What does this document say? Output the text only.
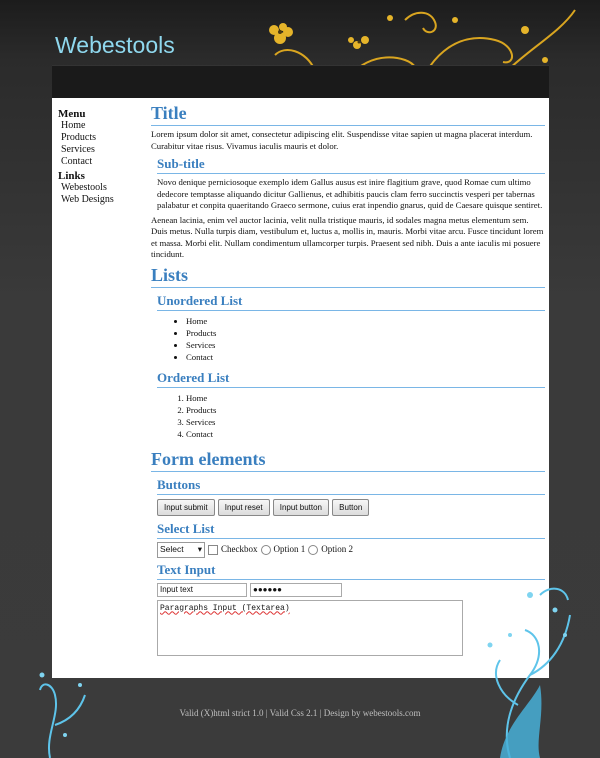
Webestools
Menu
Home
Products
Services
Contact
Links
Webestools
Web Designs
Title

Lorem ipsum dolor sit amet, consectetur adipiscing elit. Suspendisse vitae sapien ut magna placerat interdum. Curabitur vitae risus. Vivamus iaculis mauris et dolor.

Sub-title

Novo denique perniciosoque exemplo idem Gallus ausus est inire flagitium grave, quod Romae cum ultimo dedecore temptasse aliquando dicitur Gallienus, et adhibitis paucis clam ferro succinctis vesperi per tabernas palabatur et conpita quaeritando Graeco sermone, cuius erat inpendio gnarus, quid de Caesare quisque sentiret.

Aenean lacinia, enim vel auctor lacinia, velit nulla tristique mauris, id sodales magna metus elementum sem. Duis metus. Nulla turpis diam, vestibulum et, luctus a, mollis in, mauris. Morbi vitae arcu. Fusce tincidunt lorem et massa. Morbi elit. Nullam condimentum ullamcorper turpis. Praesent sed nibh. Duis a ante iaculis mi posuere tincidunt.

Lists
Unordered List
• Home
• Products
• Services
• Contact
Ordered List
1. Home
2. Products
3. Services
4. Contact
Form elements
Buttons
Input submit Input reset Input button Button
Select List
Select ▾ Checkbox Option 1 Option 2
Text Input
Input text	●●●●●●
Paragraphs Input (Textarea)
Valid (X)html strict 1.0 | Valid Css 2.1 | Design by webestools.com
